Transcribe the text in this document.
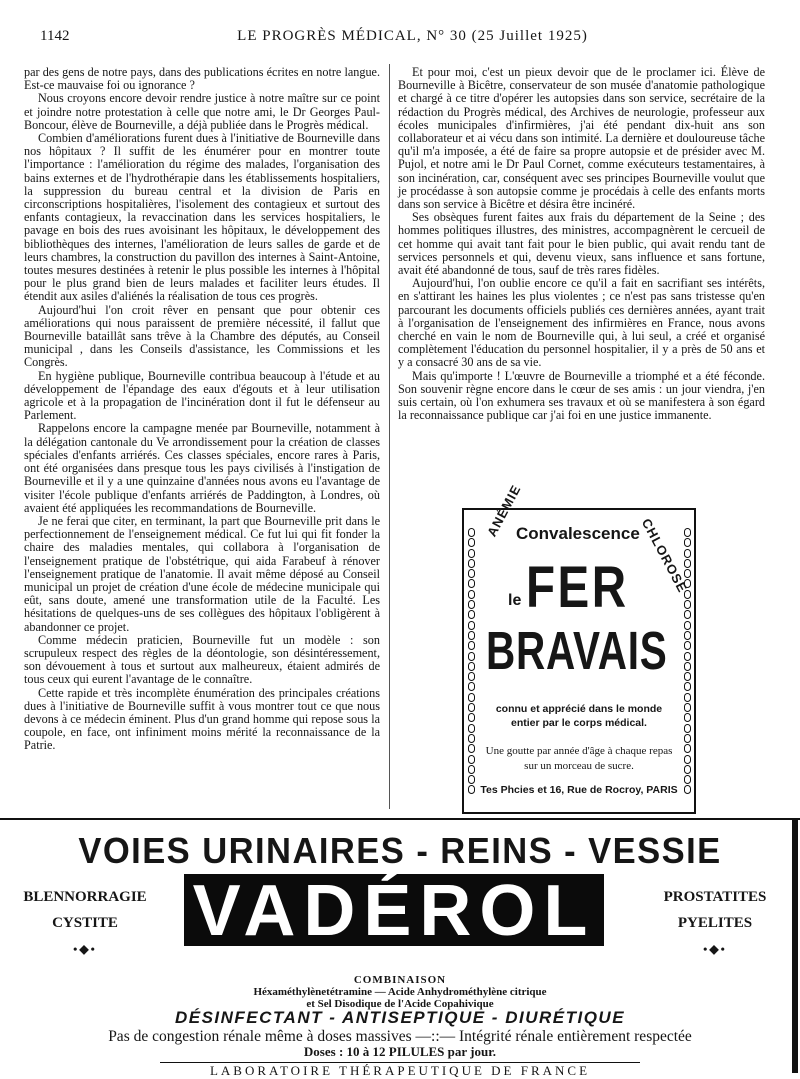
1142	LE PROGRÈS MÉDICAL, N° 30 (25 Juillet 1925)

par des gens de notre pays, dans des publications écrites en notre langue. Est-ce mauvaise foi ou ignorance ?

Nous croyons encore devoir rendre justice à notre maître sur ce point et joindre notre protestation à celle que notre ami, le Dr Georges Paul-Boncour, élève de Bourneville, a déjà publiée dans le Progrès médical.

Combien d'améliorations furent dues à l'initiative de Bourneville dans nos hôpitaux ? Il suffit de les énumérer pour en montrer toute l'importance : l'amélioration du régime des malades, l'organisation des bains externes et de l'hydrothérapie dans les établissements hospitaliers, la suppression du bureau central et la division de Paris en circonscriptions hospitalières, l'isolement des contagieux et surtout des enfants contagieux, la revaccination dans les services hospitaliers, le pavage en bois des rues avoisinant les hôpitaux, le développement des bibliothèques des internes, l'amélioration de leurs salles de garde et de leurs chambres, la construction du pavillon des internes à Saint-Antoine, toutes mesures destinées à retenir le plus possible les internes à l'hôpital pour le plus grand bien de leurs malades et faciliter leurs études. Il étendit aux asiles d'aliénés la réalisation de tous ces progrès.

Aujourd'hui l'on croit rêver en pensant que pour obtenir ces améliorations qui nous paraissent de première nécessité, il fallut que Bourneville bataillât sans trêve à la Chambre des députés, au Conseil municipal , dans les Conseils d'assistance, les Commissions et les Congrès.

En hygiène publique, Bourneville contribua beaucoup à l'étude et au développement de l'épandage des eaux d'égouts et à leur utilisation agricole et à la propagation de l'incinération dont il fut le défenseur au Parlement.

Rappelons encore la campagne menée par Bourneville, notamment à la délégation cantonale du Ve arrondissement pour la création de classes spéciales d'enfants arriérés. Ces classes spéciales, encore rares à Paris, ont été organisées dans presque tous les pays civilisés à l'instigation de Bourneville et il y a une quinzaine d'années nous avons eu l'avantage de visiter l'école publique d'enfants arriérés de Paddington, à Londres, où avaient été appliquées les recommandations de Bourneville.

Je ne ferai que citer, en terminant, la part que Bourneville prit dans le perfectionnement de l'enseignement médical. Ce fut lui qui fit fonder la chaire des maladies mentales, qui collabora à l'organisation de l'enseignement pratique de l'obstétrique, qui aida Farabeuf à rénover l'enseignement pratique de l'anatomie. Il avait même déposé au Conseil municipal un projet de création d'une école de médecine municipale qui eût, sans doute, amené une transformation utile de la Faculté. Les hésitations de quelques-uns de ses collègues des hôpitaux l'obligèrent à abandonner ce projet.

Comme médecin praticien, Bourneville fut un modèle : son scrupuleux respect des règles de la déontologie, son désintéressement, son dévouement à tous et surtout aux malheureux, étaient admirés de tous ceux qui eurent l'avantage de le connaître.

Cette rapide et très incomplète énumération des principales créations dues à l'initiative de Bourneville suffit à vous montrer tout ce que nous devons à ce médecin éminent. Plus d'un grand homme qui repose sous la coupole, en face, ont infiniment moins mérité la reconnaissance de la Patrie.

Et pour moi, c'est un pieux devoir que de le proclamer ici. Élève de Bourneville à Bicêtre, conservateur de son musée d'anatomie pathologique et chargé à ce titre d'opérer les autopsies dans son service, secrétaire de la rédaction du Progrès médical, des Archives de neurologie, professeur aux écoles municipales d'infirmières, j'ai été pendant dix-huit ans son collaborateur et ai vécu dans son intimité. La dernière et douloureuse tâche qu'il m'a imposée, a été de faire sa propre autopsie et de présider avec M. Pujol, et notre ami le Dr Paul Cornet, comme exécuteurs testamentaires, à son incinération, car, conséquent avec ses principes Bourneville voulut que je procédasse à son autopsie comme je procédais à celle des enfants morts dans son service à Bicêtre et désira être incinéré.

Ses obsèques furent faites aux frais du département de la Seine ; des hommes politiques illustres, des ministres, accompagnèrent le cercueil de cet homme qui avait tant fait pour le bien public, qui avait rendu tant de services personnels et qui, devenu vieux, sans influence et sans fortune, avait été abandonné de tous, sauf de très rares fidèles.

Aujourd'hui, l'on oublie encore ce qu'il a fait en sacrifiant ses intérêts, en s'attirant les haines les plus violentes ; ce n'est pas sans tristesse qu'en parcourant les documents officiels publiés ces dernières années, ayant trait à l'organisation de l'enseignement des infirmières en France, nous avons cherché en vain le nom de Bourneville qui, à lui seul, a créé et organisé complètement l'éducation du personnel hospitalier, il y a près de 50 ans et y a consacré 30 ans de sa vie.

Mais qu'importe ! L'œuvre de Bourneville a triomphé et a été féconde. Son souvenir règne encore dans le cœur de ses amis : un jour viendra, j'en suis certain, où l'on exhumera ses travaux et où se manifestera à son égard la reconnaissance publique car j'ai foi en une justice immanente.

ANÉMIE
Convalescence
CHLOROSE
le FER
BRAVAIS
connu et apprécié dans le monde entier par le corps médical.
Une goutte par année d'âge à chaque repas sur un morceau de sucre.
Tes Phcies et 16, Rue de Rocroy, PARIS
VOIES URINAIRES - REINS - VESSIE
BLENNORRAGIE
CYSTITE
•◆•
PROSTATITES
PYELITES
•◆•
VADÉROL
COMBINAISON
Héxaméthylènetétramine — Acide Anhydrométhylène citrique
et Sel Disodique de l'Acide Copahivique
DÉSINFECTANT - ANTISEPTIQUE - DIURÉTIQUE
Pas de congestion rénale même à doses massives —::— Intégrité rénale entièrement respectée
Doses : 10 à 12 PILULES par jour.
LABORATOIRE THÉRAPEUTIQUE DE FRANCE
